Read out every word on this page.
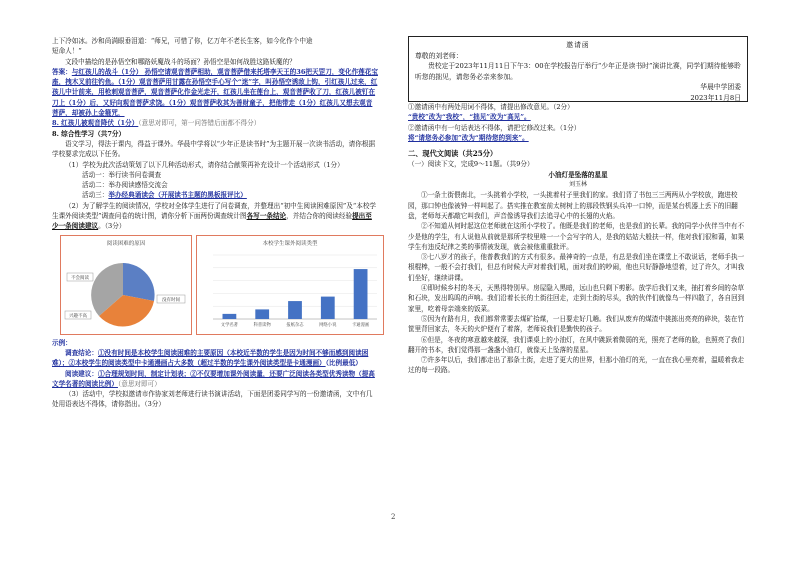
上下冷如冰。沙和尚满眼垂泪道：“师兄，可惜了你，亿万年不老长生客，如今化作个中途

短命人！”

文段中描绘的是孙悟空和哪路妖魔战斗的场面？孙悟空是如何战胜这路妖魔的？

答案：与红孩儿的战斗（1分） 孙悟空请观音菩萨相助，观音菩萨借来托塔李天王的36把天罡刀，变化作莲花宝座，拽木叉前往钓鱼。（1分）观音菩萨用甘露在孙悟空手心写个“迷”字，叫孙悟空诱敌上钩，引红孩儿过来，红孩儿中计前来，用枪刺观音菩萨，观音菩萨化作金光走开，红孩儿坐在莲台上，观音菩萨收了刀，红孩儿被钉在刀上（1分）后，又好向观音菩萨求饶。（1分）观音菩萨收其为善财童子，把他带走（1分）红孩儿又想去观音菩萨，却被孙上金箍咒，
8. 红孩儿被观音降伏（1分）（意思对即可，第一问答错后面都不得分）

8. 综合性学习（共7分）

语文学习，得法于课内，得益于课外。华晨中学将以“少年正是读书时”为主题开展一次读书活动，请你根据学校要求完成以下任务。

（1）学校为此次活动策划了以下几种活动形式，请你结合献策再补充设计一个活动形式（1分）

活动一：举行读书问卷调查

活动二：举办阅读感悟交流会

活动三：举办经典诵读会（开展读书主题的黑板报评比）

（2）为了解学生的阅读情况，学校对全体学生进行了问卷调查，并整理出“初中生阅读困难原因”及“本校学生课外阅读类型”调查问卷的统计图，请你分析下面两份调查统计图各写一条结论，并结合你的阅读经验提出至少一条阅读建议。（3分）

阅读困难的原因
不会阅读
没有时间
兴趣不高
本校学生课外阅读类型
文学名著	科普读物	报纸杂志	网络小说	卡通漫画

示例：

调查结论：①没有时间是本校学生阅读困难的主要原因（本校近半数的学生是因为时间不够而感到阅读困难）；②本校学生的阅读类型中卡通漫画占大多数（超过半数的学生课外阅读类型是卡通漫画）（比例最低）

阅读建议：①合理规划时间，制定计划表；②不仅要增加课外阅读量，还要广泛阅读各类型优秀读物（提高文学名著的阅读比例）（意思对即可）

（3）活动中，学校拟邀请市作协家刘老师进行读书演讲活动，下面是团委同学写的一份邀请函，文中有几处用语表达不得体，请你指出。（3分）

邀请函

尊敬的刘老师：

贵校定于2023年11月11日下午3：00在学校报告厅举行“少年正是读书时”演讲比赛，同学们期待能够聆听您的拙见，请您务必亲来参加。

华晨中学团委

2023年11月8日

①邀请函中有两处用词不得体，请提出修改意见。（2分）

“贵校”改为“我校”，“拙见”改为“高见”。

②邀请函中有一句话表达不得体，请把它修改过来。（1分）

将“请您务必参加”改为“期待您的到来”。

二、现代文阅读（共25分）

（一）阅读下文，完成9～11题。（共9分）

小油灯是坠落的星星

刘玉林

①一条土街偎南北，一头挑着小学校，一头挑着村子里我们的家。我们背了书包三三两两从小学校放，跑进校园，那口钟也像被钟一样叫起了。搭实推在教室前太树树上的那段铁钢头兵冲一口钟，而是某台机器上丢下的旧翻盘，老师每天都敲它叫我们，声音像诱导我们去追寻心中的长翅的火焰。

②不知道从何时起这位老师就在这所小学校了。他既是我们的老师，也是我们的长辈。我的同学小伙伴当中有不少是他的学生，有人说他从前就是那所学校里唯一一个会写字的人，是我的姑姑大般扶一样，他对我们很和蔼，如果学生有违反纪律之类的事情被发现，就会被他重重批评。

③七八岁才的孩子，他普教我们的方式有很多。最神奇的一点是，有总是我们坐在课堂上不敢说话，老师手执一根棍棒，一般不会打我们，但总有时候大声对着我们吼，面对我们的吵闹，他也只好静静地望着，过了许久，才叫我们坐好，继续讲课。

④即时候乡村的冬天，天黑得特别早。房屋隐入黑暗，远山也只剩下剪影。放学后我们又来，抽打着乡间的杂草和石块，发出呜呜的声响。我们沿着长长的土街往回走，走到土街的尽头，我的伙伴们就像鸟一样四散了，各自回到家里，吃着母亲端来的饭菜。

⑤因为有路有月，我们都常常要去煤矿拾煤，一日要走好几趟。我们从废弃的煤渣中挑拣出亮亮的碎块，装在竹筐里背回家去，冬天的火炉便有了着落，老师说我们是勤快的孩子。

⑥但是，冬夜的寒意越来越深，我们课桌上的小油灯，在风中跳跃着微弱的光，照亮了老师的脸，也照亮了我们翻开的书本，我们觉得那一盏盏小油灯，就像天上坠落的星星。

⑦许多年以后，我们都走出了那条土街，走进了更大的世界，但那小油灯的光，一直在我心里亮着，温暖着我走过的每一段路。

2
